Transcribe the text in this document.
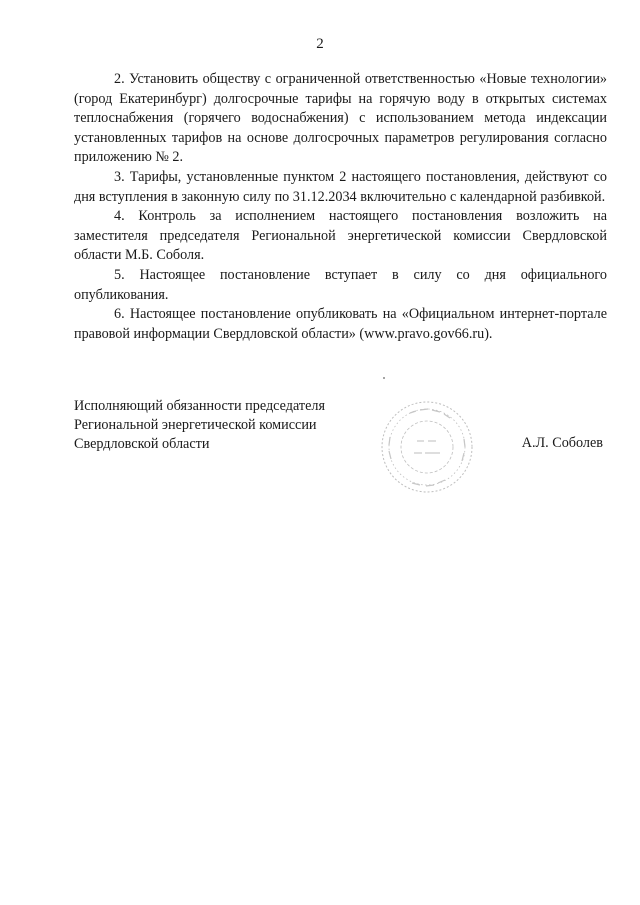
2

2. Установить обществу с ограниченной ответственностью «Новые технологии» (город Екатеринбург) долгосрочные тарифы на горячую воду в открытых системах теплоснабжения (горячего водоснабжения) с использованием метода индексации установленных тарифов на основе долгосрочных параметров регулирования согласно приложению № 2.

3. Тарифы, установленные пунктом 2 настоящего постановления, действуют со дня вступления в законную силу по 31.12.2034 включительно с календарной разбивкой.

4. Контроль за исполнением настоящего постановления возложить на заместителя председателя Региональной энергетической комиссии Свердловской области М.Б. Соболя.

5. Настоящее постановление вступает в силу со дня официального опубликования.

6. Настоящее постановление опубликовать на «Официальном интернет-портале правовой информации Свердловской области» (www.pravo.gov66.ru).

Исполняющий обязанности председателя
Региональной энергетической комиссии
Свердловской области	А.Л. Соболев
